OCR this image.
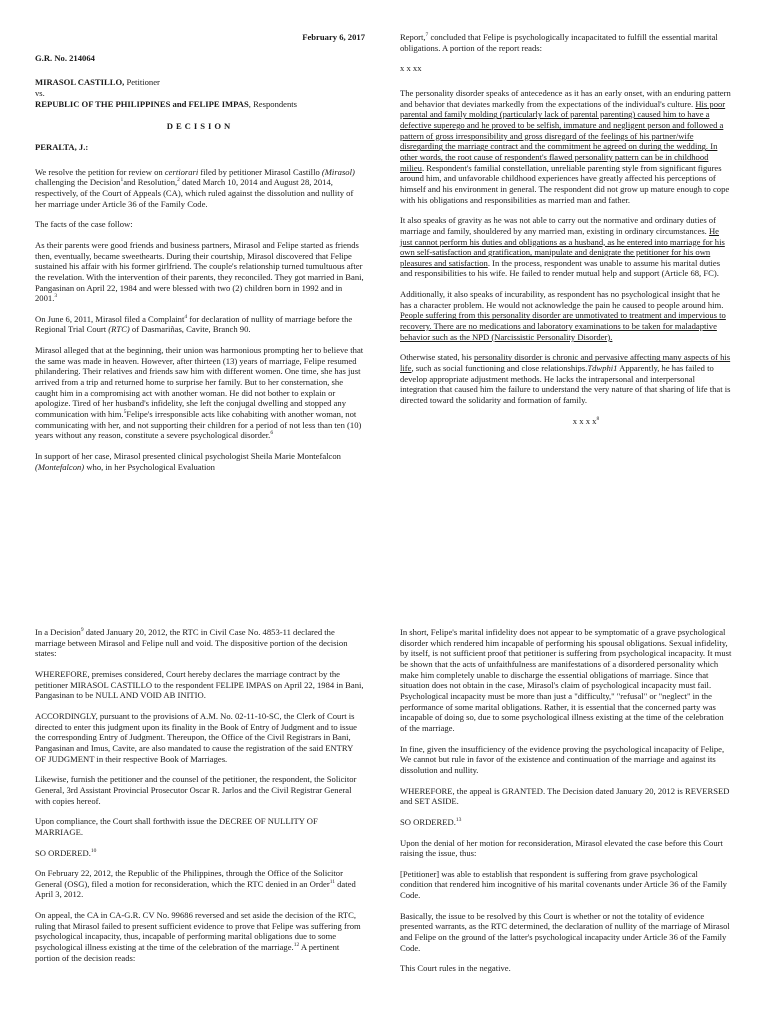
February 6, 2017

G.R. No. 214064

MIRASOL CASTILLO, Petitioner
vs.
REPUBLIC OF THE PHILIPPINES and FELIPE IMPAS, Respondents

DECISION

PERALTA, J.:

We resolve the petition for review on certiorari filed by petitioner Mirasol Castillo (Mirasol) challenging the Decision$^1$and Resolution,$^2$ dated March 10, 2014 and August 28, 2014, respectively, of the Court of Appeals (CA), which ruled against the dissolution and nullity of her marriage under Article 36 of the Family Code.

The facts of the case follow:

As their parents were good friends and business partners, Mirasol and Felipe started as friends then, eventually, became sweethearts. During their courtship, Mirasol discovered that Felipe sustained his affair with his former girlfriend. The couple's relationship turned tumultuous after the revelation. With the intervention of their parents, they reconciled. They got married in Bani, Pangasinan on April 22, 1984 and were blessed with two (2) children born in 1992 and in 2001.$^3$

On June 6, 2011, Mirasol filed a Complaint$^4$ for declaration of nullity of marriage before the Regional Trial Court (RTC) of Dasmariñas, Cavite, Branch 90.

Mirasol alleged that at the beginning, their union was harmonious prompting her to believe that the same was made in heaven. However, after thirteen (13) years of marriage, Felipe resumed philandering. Their relatives and friends saw him with different women. One time, she has just arrived from a trip and returned home to surprise her family. But to her consternation, she caught him in a compromising act with another woman. He did not bother to explain or apologize. Tired of her husband's infidelity, she left the conjugal dwelling and stopped any communication with him.$^5$Felipe's irresponsible acts like cohabiting with another woman, not communicating with her, and not supporting their children for a period of not less than ten (10) years without any reason, constitute a severe psychological disorder.$^6$

In support of her case, Mirasol presented clinical psychologist Sheila Marie Montefalcon (Montefalcon) who, in her Psychological Evaluation

Report,$^7$ concluded that Felipe is psychologically incapacitated to fulfill the essential marital obligations. A portion of the report reads:

x x xx

The personality disorder speaks of antecedence as it has an early onset, with an enduring pattern and behavior that deviates markedly from the expectations of the individual's culture. His poor parental and family molding (particularly lack of parental parenting) caused him to have a defective superego and he proved to be selfish, immature and negligent person and followed a pattern of gross irresponsibility and gross disregard of the feelings of his partner/wife disregarding the marriage contract and the commitment he agreed on during the wedding. In other words, the root cause of respondent's flawed personality pattern can be in childhood milieu. Respondent's familial constellation, unreliable parenting style from significant figures around him, and unfavorable childhood experiences have greatly affected his perceptions of himself and his environment in general. The respondent did not grow up mature enough to cope with his obligations and responsibilities as married man and father.

It also speaks of gravity as he was not able to carry out the normative and ordinary duties of marriage and family, shouldered by any married man, existing in ordinary circumstances. He just cannot perform his duties and obligations as a husband, as he entered into marriage for his own self-satisfaction and gratification, manipulate and denigrate the petitioner for his own pleasures and satisfaction. In the process, respondent was unable to assume his marital duties and responsibilities to his wife. He failed to render mutual help and support (Article 68, FC).

Additionally, it also speaks of incurability, as respondent has no psychological insight that he has a character problem. He would not acknowledge the pain he caused to people around him. People suffering from this personality disorder are unmotivated to treatment and impervious to recovery. There are no medications and laboratory examinations to be taken for maladaptive behavior such as the NPD (Narcissistic Personality Disorder).

Otherwise stated, his personality disorder is chronic and pervasive affecting many aspects of his life, such as social functioning and close relationships.Tdwphi1 Apparently, he has failed to develop appropriate adjustment methods. He lacks the intrapersonal and interpersonal integration that caused him the failure to understand the very nature of that sharing of life that is directed toward the solidarity and formation of family.

x x x $x^8$

In a Decision$^9$ dated January 20, 2012, the RTC in Civil Case No. 4853-11 declared the marriage between Mirasol and Felipe null and void. The dispositive portion of the decision states:

WHEREFORE, premises considered, Court hereby declares the marriage contract by the petitioner MIRASOL CASTILLO to the respondent FELIPE IMPAS on April 22, 1984 in Bani, Pangasinan to be NULL AND VOID AB INITIO.

ACCORDINGLY, pursuant to the provisions of A.M. No. 02-11-10-SC, the Clerk of Court is directed to enter this judgment upon its finality in the Book of Entry of Judgment and to issue the corresponding Entry of Judgment. Thereupon, the Office of the Civil Registrars in Bani, Pangasinan and Imus, Cavite, are also mandated to cause the registration of the said ENTRY OF JUDGMENT in their respective Book of Marriages.

Likewise, furnish the petitioner and the counsel of the petitioner, the respondent, the Solicitor General, 3rd Assistant Provincial Prosecutor Oscar R. Jarlos and the Civil Registrar General with copies hereof.

Upon compliance, the Court shall forthwith issue the DECREE OF NULLITY OF MARRIAGE.

SO ORDERED.$^{10}$

On February 22, 2012, the Republic of the Philippines, through the Office of the Solicitor General (OSG), filed a motion for reconsideration, which the RTC denied in an Order$^{11}$ dated April 3, 2012.

On appeal, the CA in CA-G.R. CV No. 99686 reversed and set aside the decision of the RTC, ruling that Mirasol failed to present sufficient evidence to prove that Felipe was suffering from psychological incapacity, thus, incapable of performing marital obligations due to some psychological illness existing at the time of the celebration of the marriage.$^{12}$ A pertinent portion of the decision reads:

In short, Felipe's marital infidelity does not appear to be symptomatic of a grave psychological disorder which rendered him incapable of performing his spousal obligations. Sexual infidelity, by itself, is not sufficient proof that petitioner is suffering from psychological incapacity. It must be shown that the acts of unfaithfulness are manifestations of a disordered personality which make him completely unable to discharge the essential obligations of marriage. Since that situation does not obtain in the case, Mirasol's claim of psychological incapacity must fail. Psychological incapacity must be more than just a "difficulty," "refusal" or "neglect" in the performance of some marital obligations. Rather, it is essential that the concerned party was incapable of doing so, due to some psychological illness existing at the time of the celebration of the marriage.

In fine, given the insufficiency of the evidence proving the psychological incapacity of Felipe, We cannot but rule in favor of the existence and continuation of the marriage and against its dissolution and nullity.

WHEREFORE, the appeal is GRANTED. The Decision dated January 20, 2012 is REVERSED and SET ASIDE.

SO ORDERED.$^{13}$

Upon the denial of her motion for reconsideration, Mirasol elevated the case before this Court raising the issue, thus:

[Petitioner] was able to establish that respondent is suffering from grave psychological condition that rendered him incognitive of his marital covenants under Article 36 of the Family Code.

Basically, the issue to be resolved by this Court is whether or not the totality of evidence presented warrants, as the RTC determined, the declaration of nullity of the marriage of Mirasol and Felipe on the ground of the latter's psychological incapacity under Article 36 of the Family Code.

This Court rules in the negative.
